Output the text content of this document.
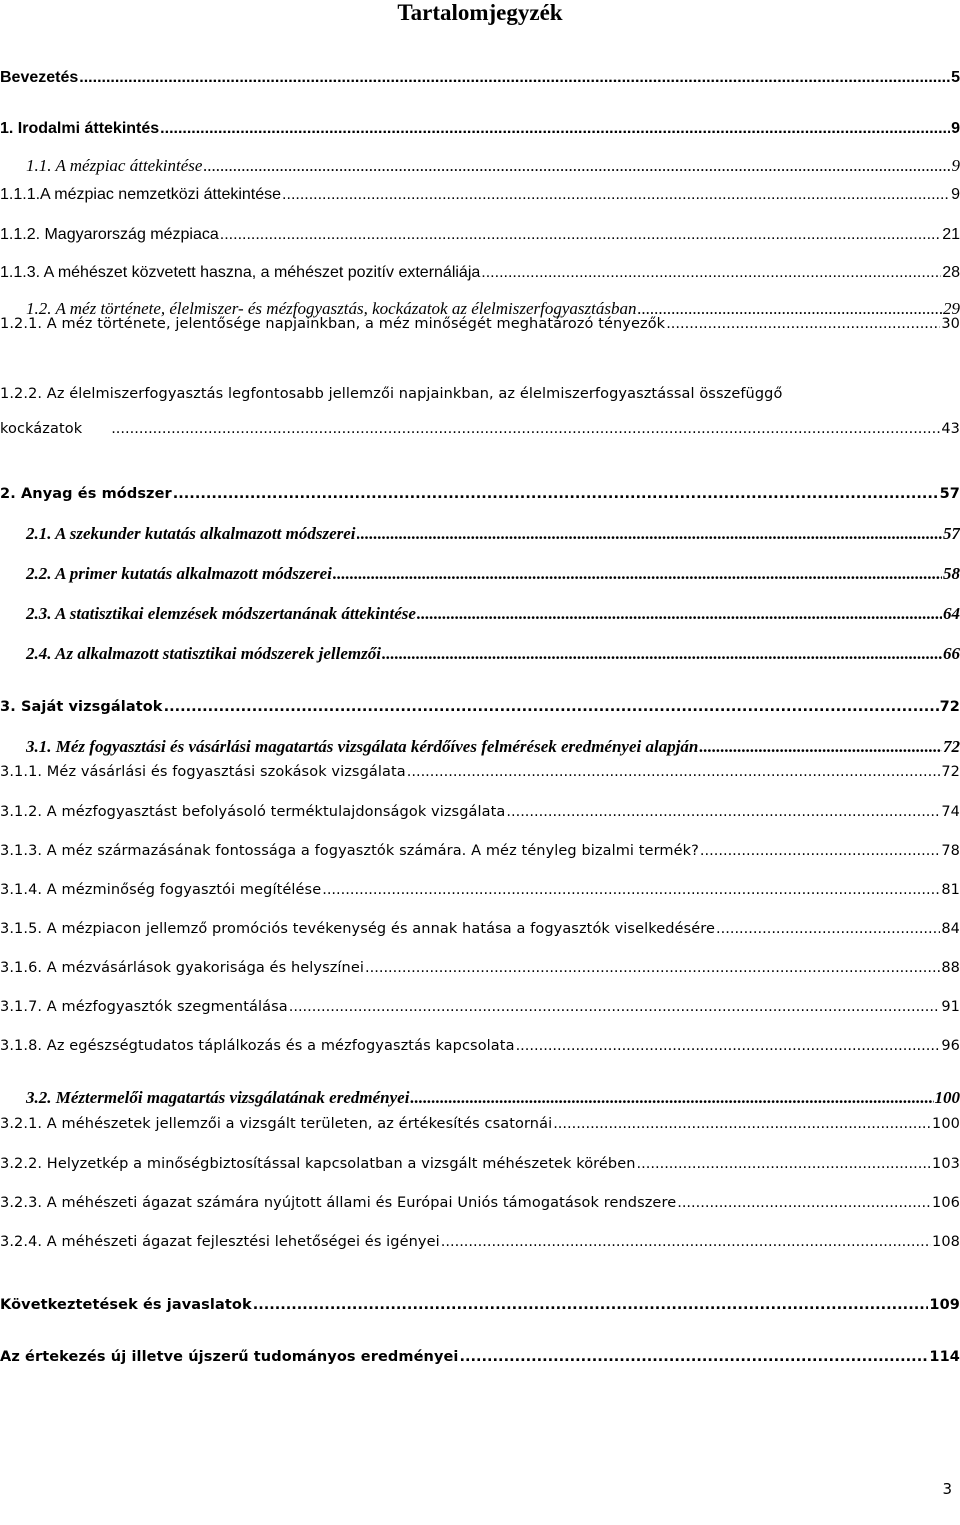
Tartalomjegyzék
Bevezetés .....	5
1. Irodalmi áttekintés .....	9
1.1. A mézpiac áttekintése .....	9
1.1.1.A mézpiac nemzetközi áttekintése .....	9
1.1.2. Magyarország mézpiaca .....	21
1.1.3. A méhészet közvetett haszna, a méhészet pozitív externáliája .....	28
1.2. A méz története, élelmiszer- és mézfogyasztás, kockázatok az élelmiszerfogyasztásban .....	29
1.2.1. A méz története, jelentősége napjainkban, a méz minőségét meghatározó tényezők .....	30
1.2.2. Az élelmiszerfogyasztás legfontosabb jellemzői napjainkban, az élelmiszerfogyasztással összefüggő
kockázatok .....	43
2. Anyag és módszer .....	57
2.1. A szekunder kutatás alkalmazott módszerei .....	57
2.2. A primer kutatás alkalmazott módszerei .....	58
2.3. A statisztikai elemzések módszertanának áttekintése .....	64
2.4. Az alkalmazott statisztikai módszerek jellemzői .....	66
3. Saját vizsgálatok .....	72
3.1. Méz fogyasztási és vásárlási magatartás vizsgálata kérdőíves felmérések eredményei alapján .....	72
3.1.1. Méz vásárlási és fogyasztási szokások vizsgálata .....	72
3.1.2. A mézfogyasztást befolyásoló terméktulajdonságok vizsgálata .....	74
3.1.3. A méz származásának fontossága a fogyasztók számára. A méz tényleg bizalmi termék? .....	78
3.1.4. A mézminőség fogyasztói megítélése .....	81
3.1.5. A mézpiacon jellemző promóciós tevékenység és annak hatása a fogyasztók viselkedésére .....	84
3.1.6. A mézvásárlások gyakorisága és helyszínei .....	88
3.1.7. A mézfogyasztók szegmentálása .....	91
3.1.8. Az egészségtudatos táplálkozás és a mézfogyasztás kapcsolata .....	96
3.2. Méztermelői magatartás vizsgálatának eredményei .....	100
3.2.1. A méhészetek jellemzői a vizsgált területen, az értékesítés csatornái .....	100
3.2.2. Helyzetkép a minőségbiztosítással kapcsolatban a vizsgált méhészetek körében .....	103
3.2.3. A méhészeti ágazat számára nyújtott állami és Európai Uniós támogatások rendszere .....	106
3.2.4. A méhészeti ágazat fejlesztési lehetőségei és igényei .....	108
Következtetések és javaslatok .....	109
Az értekezés új illetve újszerű tudományos eredményei .....	114
3
